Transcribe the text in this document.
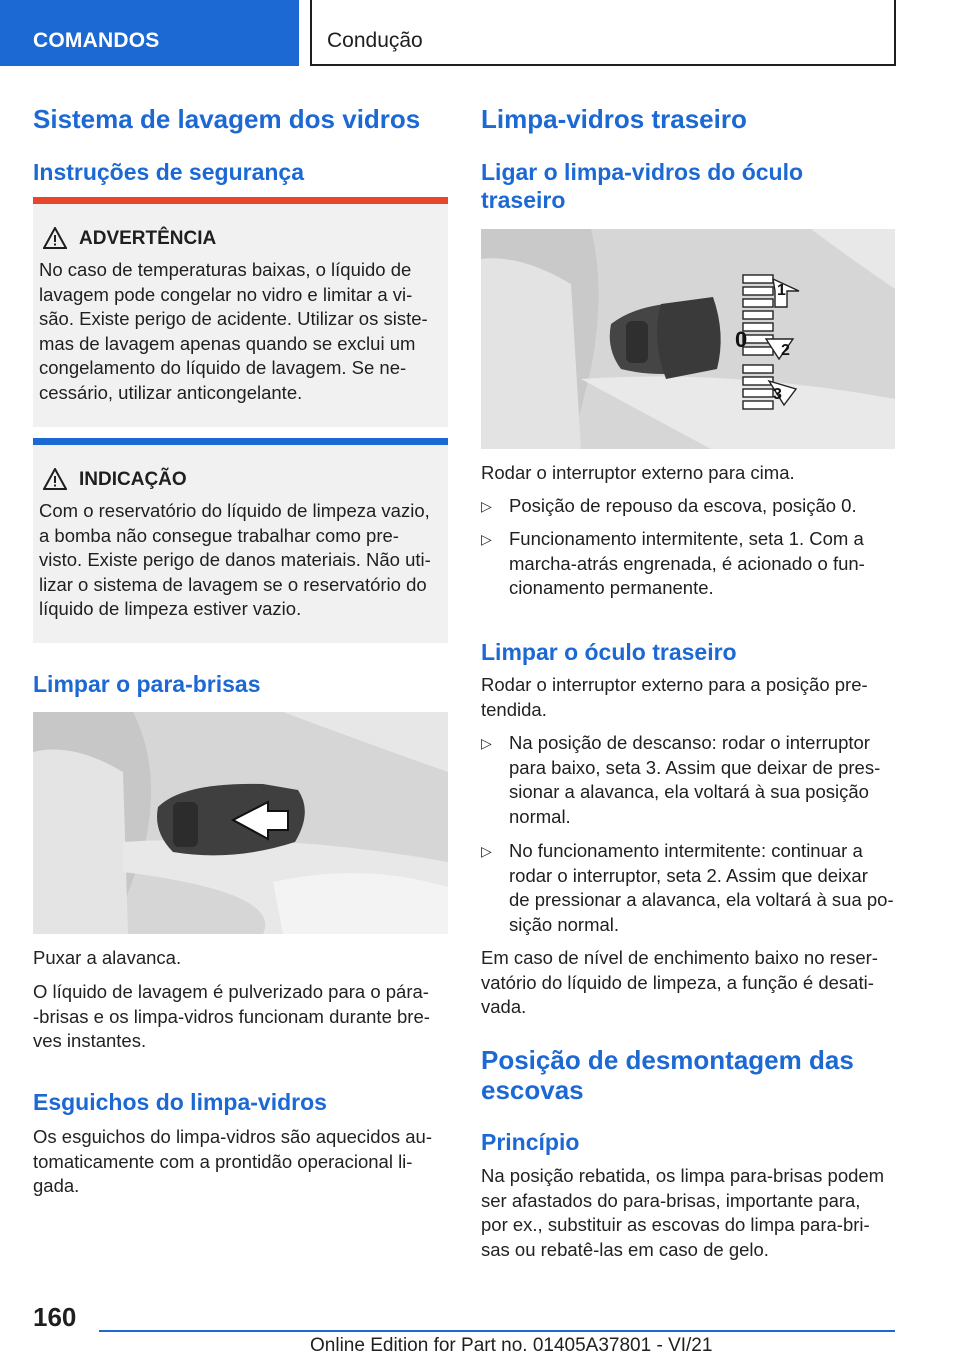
COMANDOS	Condução
Sistema de lavagem dos vidros
Instruções de segurança
ADVERTÊNCIA
No caso de temperaturas baixas, o líquido de
lavagem pode congelar no vidro e limitar a vi-
são. Existe perigo de acidente. Utilizar os siste-
mas de lavagem apenas quando se exclui um
congelamento do líquido de lavagem. Se ne-
cessário, utilizar anticongelante.
INDICAÇÃO
Com o reservatório do líquido de limpeza vazio,
a bomba não consegue trabalhar como pre-
visto. Existe perigo de danos materiais. Não uti-
lizar o sistema de lavagem se o reservatório do
líquido de limpeza estiver vazio.
Limpar o para-brisas
Puxar a alavanca.
O líquido de lavagem é pulverizado para o pára-
-brisas e os limpa-vidros funcionam durante bre-
ves instantes.
Esguichos do limpa-vidros
Os esguichos do limpa-vidros são aquecidos au-
tomaticamente com a prontidão operacional li-
gada.
Limpa-vidros traseiro
Ligar o limpa-vidros do óculo
traseiro
0
1
2
3
Rodar o interruptor externo para cima.
▷ Posição de repouso da escova, posição 0.
▷ Funcionamento intermitente, seta 1. Com a
marcha-atrás engrenada, é acionado o fun-
cionamento permanente.
Limpar o óculo traseiro
Rodar o interruptor externo para a posição pre-
tendida.
▷ Na posição de descanso: rodar o interruptor
para baixo, seta 3. Assim que deixar de pres-
sionar a alavanca, ela voltará à sua posição
normal.
▷ No funcionamento intermitente: continuar a
rodar o interruptor, seta 2. Assim que deixar
de pressionar a alavanca, ela voltará à sua po-
sição normal.
Em caso de nível de enchimento baixo no reser-
vatório do líquido de limpeza, a função é desati-
vada.
Posição de desmontagem das
escovas
Princípio
Na posição rebatida, os limpa para-brisas podem
ser afastados do para-brisas, importante para,
por ex., substituir as escovas do limpa para-bri-
sas ou rebatê-las em caso de gelo.
160
Online Edition for Part no. 01405A37801 - VI/21
